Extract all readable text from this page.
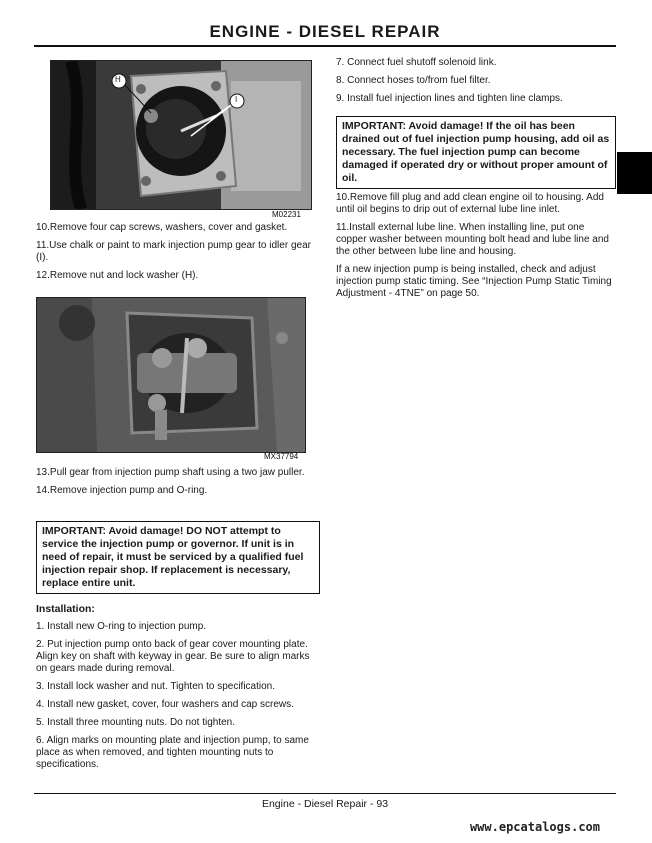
ENGINE - DIESEL REPAIR
H
I
M02231

10.Remove four cap screws, washers, cover and gasket.

11.Use chalk or paint to mark injection pump gear to idler gear (I).

12.Remove nut and lock washer (H).

MX37794

13.Pull gear from injection pump shaft using a two jaw puller.

14.Remove injection pump and O-ring.

IMPORTANT: Avoid damage! DO NOT attempt to service the injection pump or governor. If unit is in need of repair, it must be serviced by a qualified fuel injection repair shop. If replacement is necessary, replace entire unit.

Installation:

1. Install new O-ring to injection pump.

2. Put injection pump onto back of gear cover mounting plate. Align key on shaft with keyway in gear. Be sure to align marks on gears made during removal.

3. Install lock washer and nut. Tighten to specification.

4. Install new gasket, cover, four washers and cap screws.

5. Install three mounting nuts. Do not tighten.

6. Align marks on mounting plate and injection pump, to same place as when removed, and tighten mounting nuts to specifications.

7. Connect fuel shutoff solenoid link.

8. Connect hoses to/from fuel filter.

9. Install fuel injection lines and tighten line clamps.

IMPORTANT: Avoid damage! If the oil has been drained out of fuel injection pump housing, add oil as necessary. The fuel injection pump can become damaged if operated dry or without proper amount of oil.

10.Remove fill plug and add clean engine oil to housing. Add until oil begins to drip out of external lube line inlet.

11.Install external lube line. When installing line, put one copper washer between mounting bolt head and lube line and the other between lube line and housing.

If a new injection pump is being installed, check and adjust injection pump static timing. See “Injection Pump Static Timing Adjustment - 4TNE” on page 50.

Engine - Diesel Repair - 93
www.epcatalogs.com
